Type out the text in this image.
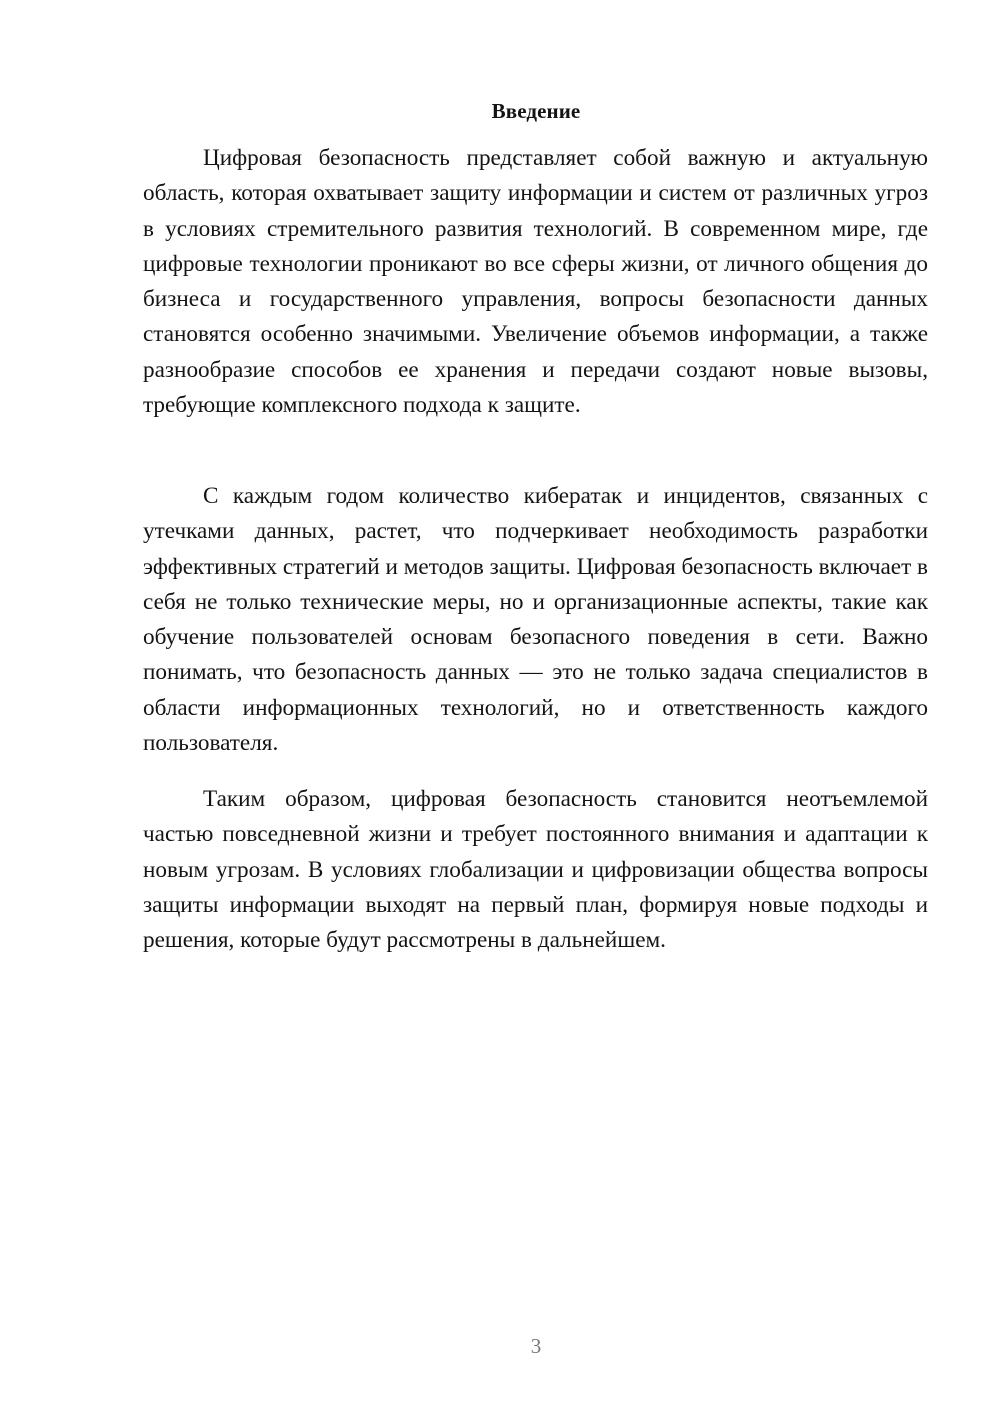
Введение

Цифровая безопасность представляет собой важную и актуальную область, которая охватывает защиту информации и систем от различных угроз в условиях стремительного развития технологий. В современном мире, где цифровые технологии проникают во все сферы жизни, от личного общения до бизнеса и государственного управления, вопросы безопасности данных становятся особенно значимыми. Увеличение объемов информации, а также разнообразие способов ее хранения и передачи создают новые вызовы, требующие комплексного подхода к защите.

С каждым годом количество кибератак и инцидентов, связанных с утечками данных, растет, что подчеркивает необходимость разработки эффективных стратегий и методов защиты. Цифровая безопасность включает в себя не только технические меры, но и организационные аспекты, такие как обучение пользователей основам безопасного поведения в сети. Важно понимать, что безопасность данных — это не только задача специалистов в области информационных технологий, но и ответственность каждого пользователя.

Таким образом, цифровая безопасность становится неотъемлемой частью повседневной жизни и требует постоянного внимания и адаптации к новым угрозам. В условиях глобализации и цифровизации общества вопросы защиты информации выходят на первый план, формируя новые подходы и решения, которые будут рассмотрены в дальнейшем.

3
